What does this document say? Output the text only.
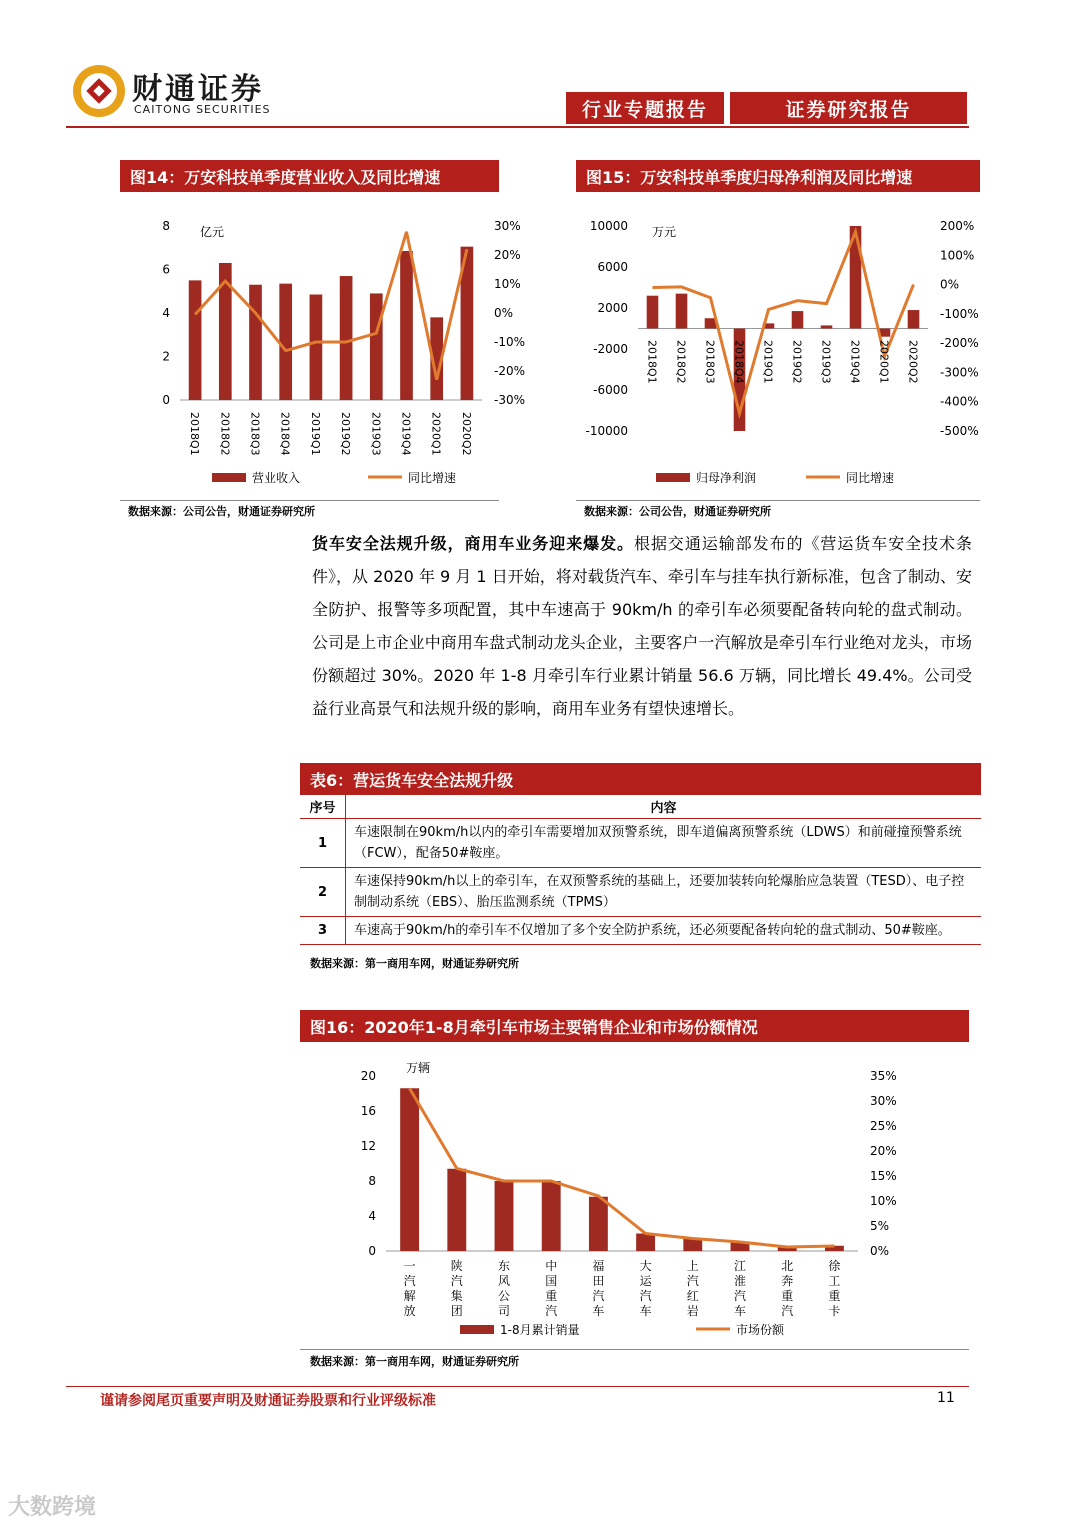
财通证券
CAITONG SECURITIES	行业专题报告	证券研究报告
图14：万安科技单季度营业收入及同比增速
8
6
4
2
0
30%
20%
10%
0%
-10%
-20%
-30%
亿元
2018Q1 2018Q2 2018Q3 2018Q4 2019Q1 2019Q2 2019Q3 2019Q4 2020Q1 2020Q2
营业收入	同比增速
数据来源：公司公告，财通证券研究所
图15：万安科技单季度归母净利润及同比增速
10000
6000
2000
-2000
-6000
-10000
200%
100%
0%
-100%
-200%
-300%
-400%
-500%
万元
2018Q1 2018Q2 2018Q3 2018Q4 2019Q1 2019Q2 2019Q3 2019Q4 2020Q1 2020Q2
归母净利润	同比增速
数据来源：公司公告，财通证券研究所
货车安全法规升级，商用车业务迎来爆发。根据交通运输部发布的《营运货车安全技术条件》，从 2020 年 9 月 1 日开始，将对载货汽车、牵引车与挂车执行新标准，包含了制动、安全防护、报警等多项配置，其中车速高于 90km/h 的牵引车必须要配备转向轮的盘式制动。公司是上市企业中商用车盘式制动龙头企业，主要客户一汽解放是牵引车行业绝对龙头，市场份额超过 30%。2020 年 1-8 月牵引车行业累计销量 56.6 万辆，同比增长 49.4%。公司受益行业高景气和法规升级的影响，商用车业务有望快速增长。
表6：营运货车安全法规升级
序号	内容
1	车速限制在90km/h以内的牵引车需要增加双预警系统，即车道偏离预警系统（LDWS）和前碰撞预警系统（FCW），配备50#鞍座。
2	车速保持90km/h以上的牵引车，在双预警系统的基础上，还要加装转向轮爆胎应急装置（TESD）、电子控制制动系统（EBS）、胎压监测系统（TPMS）
3	车速高于90km/h的牵引车不仅增加了多个安全防护系统，还必须要配备转向轮的盘式制动、50#鞍座。
数据来源：第一商用车网，财通证券研究所
图16：2020年1-8月牵引车市场主要销售企业和市场份额情况
20
16
12
8
4
0
35%
30%
25%
20%
15%
10%
5%
0%
万辆
一汽解放
陕汽集团
东风公司
中国重汽
福田汽车
大运汽车
上汽红岩
江淮汽车
北奔重汽
徐工重卡
1-8月累计销量	市场份额
数据来源：第一商用车网，财通证券研究所
谨请参阅尾页重要声明及财通证券股票和行业评级标准	11
大数跨境
